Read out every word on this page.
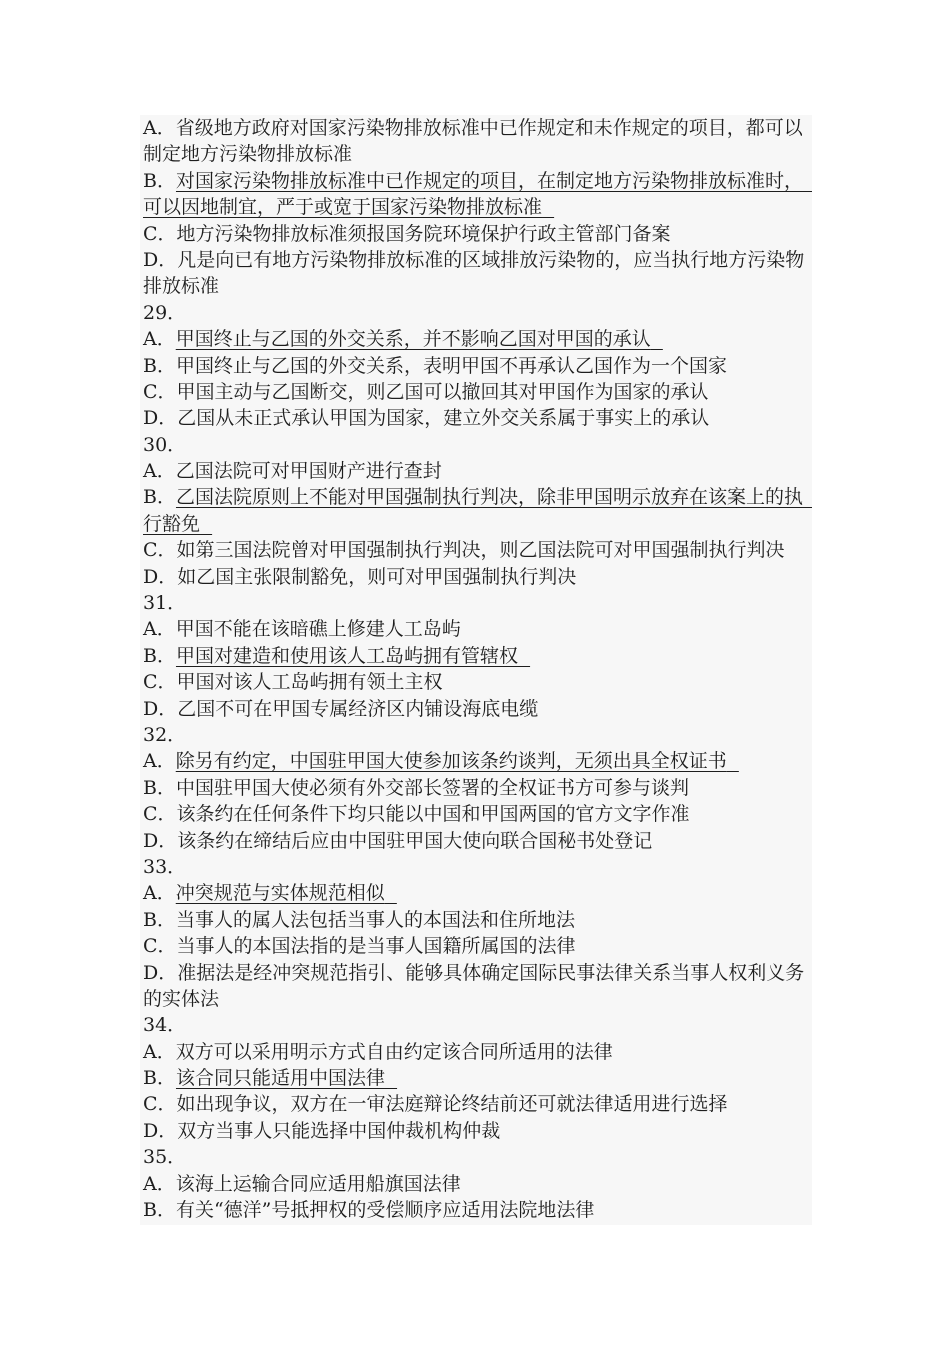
A．省级地方政府对国家污染物排放标准中已作规定和未作规定的项目，都可以
制定地方污染物排放标准
B．对国家污染物排放标准中已作规定的项目，在制定地方污染物排放标准时，
可以因地制宜，严于或宽于国家污染物排放标准
C．地方污染物排放标准须报国务院环境保护行政主管部门备案
D．凡是向已有地方污染物排放标准的区域排放污染物的，应当执行地方污染物
排放标准
29．
A．甲国终止与乙国的外交关系，并不影响乙国对甲国的承认
B．甲国终止与乙国的外交关系，表明甲国不再承认乙国作为一个国家
C．甲国主动与乙国断交，则乙国可以撤回其对甲国作为国家的承认
D．乙国从未正式承认甲国为国家，建立外交关系属于事实上的承认
30．
A．乙国法院可对甲国财产进行查封
B．乙国法院原则上不能对甲国强制执行判决，除非甲国明示放弃在该案上的执
行豁免
C．如第三国法院曾对甲国强制执行判决，则乙国法院可对甲国强制执行判决
D．如乙国主张限制豁免，则可对甲国强制执行判决
31．
A．甲国不能在该暗礁上修建人工岛屿
B．甲国对建造和使用该人工岛屿拥有管辖权
C．甲国对该人工岛屿拥有领土主权
D．乙国不可在甲国专属经济区内铺设海底电缆
32．
A．除另有约定，中国驻甲国大使参加该条约谈判，无须出具全权证书
B．中国驻甲国大使必须有外交部长签署的全权证书方可参与谈判
C．该条约在任何条件下均只能以中国和甲国两国的官方文字作准
D．该条约在缔结后应由中国驻甲国大使向联合国秘书处登记
33．
A．冲突规范与实体规范相似
B．当事人的属人法包括当事人的本国法和住所地法
C．当事人的本国法指的是当事人国籍所属国的法律
D．准据法是经冲突规范指引、能够具体确定国际民事法律关系当事人权利义务
的实体法
34．
A．双方可以采用明示方式自由约定该合同所适用的法律
B．该合同只能适用中国法律
C．如出现争议，双方在一审法庭辩论终结前还可就法律适用进行选择
D．双方当事人只能选择中国仲裁机构仲裁
35．
A．该海上运输合同应适用船旗国法律
B．有关“德洋”号抵押权的受偿顺序应适用法院地法律
